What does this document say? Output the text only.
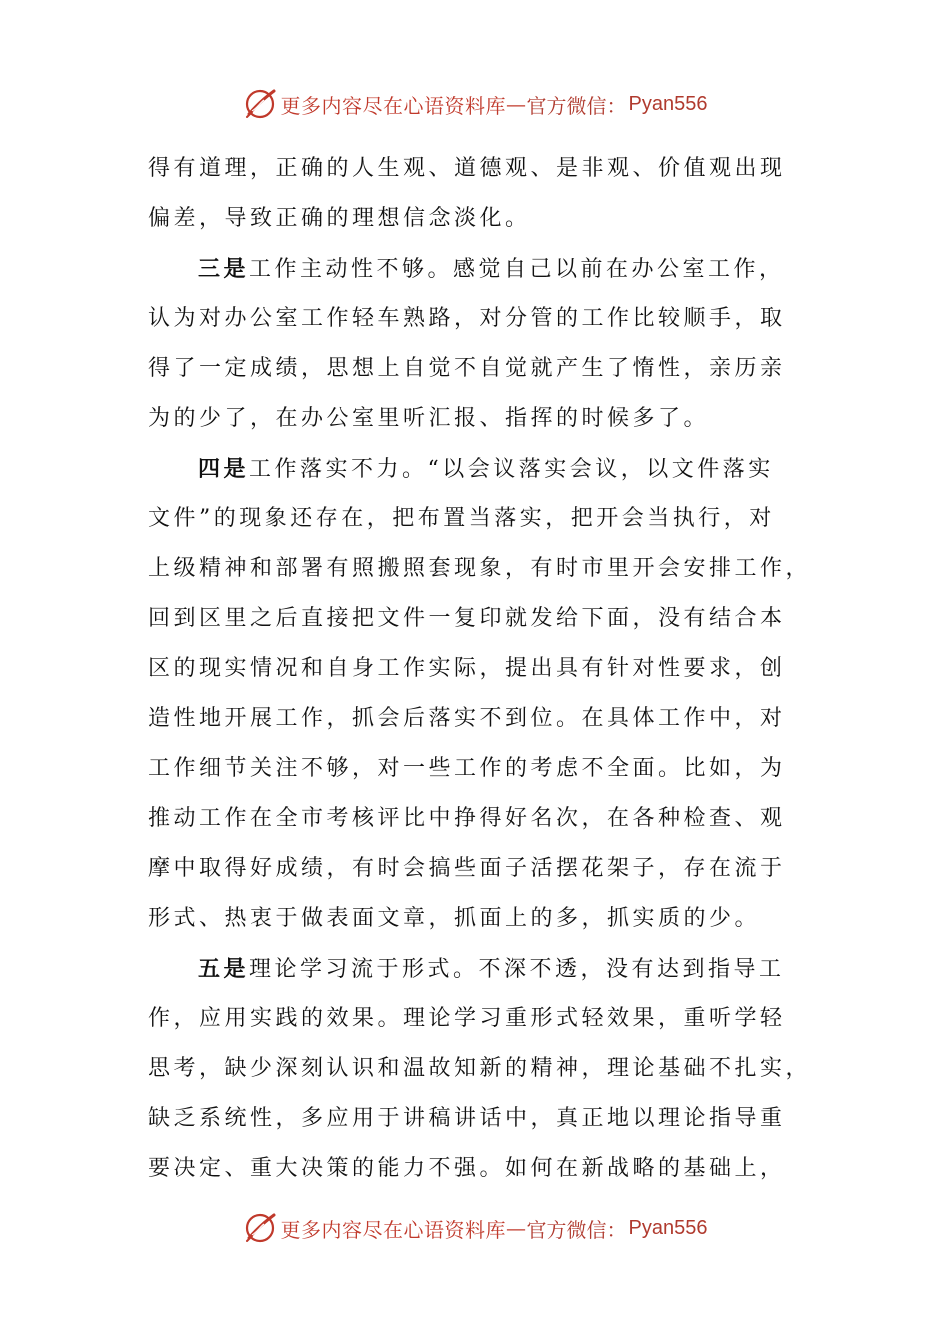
更多内容尽在心语资料库 — 官方微信： Pyan556
得有道理，正确的人生观、道德观、是非观、价值观出现
偏差，导致正确的理想信念淡化。
三是工作主动性不够。感觉自己以前在办公室工作，
认为对办公室工作轻车熟路，对分管的工作比较顺手，取
得了一定成绩，思想上自觉不自觉就产生了惰性，亲历亲
为的少了，在办公室里听汇报、指挥的时候多了。
四是工作落实不力。“以会议落实会议，以文件落实
文件”的现象还存在，把布置当落实，把开会当执行，对
上级精神和部署有照搬照套现象，有时市里开会安排工作，
回到区里之后直接把文件一复印就发给下面，没有结合本
区的现实情况和自身工作实际，提出具有针对性要求，创
造性地开展工作，抓会后落实不到位。在具体工作中，对
工作细节关注不够，对一些工作的考虑不全面。比如，为
推动工作在全市考核评比中挣得好名次，在各种检查、观
摩中取得好成绩，有时会搞些面子活摆花架子，存在流于
形式、热衷于做表面文章，抓面上的多，抓实质的少。
五是理论学习流于形式。不深不透，没有达到指导工
作，应用实践的效果。理论学习重形式轻效果，重听学轻
思考，缺少深刻认识和温故知新的精神，理论基础不扎实，
缺乏系统性，多应用于讲稿讲话中，真正地以理论指导重
要决定、重大决策的能力不强。如何在新战略的基础上，
更多内容尽在心语资料库 — 官方微信： Pyan556
